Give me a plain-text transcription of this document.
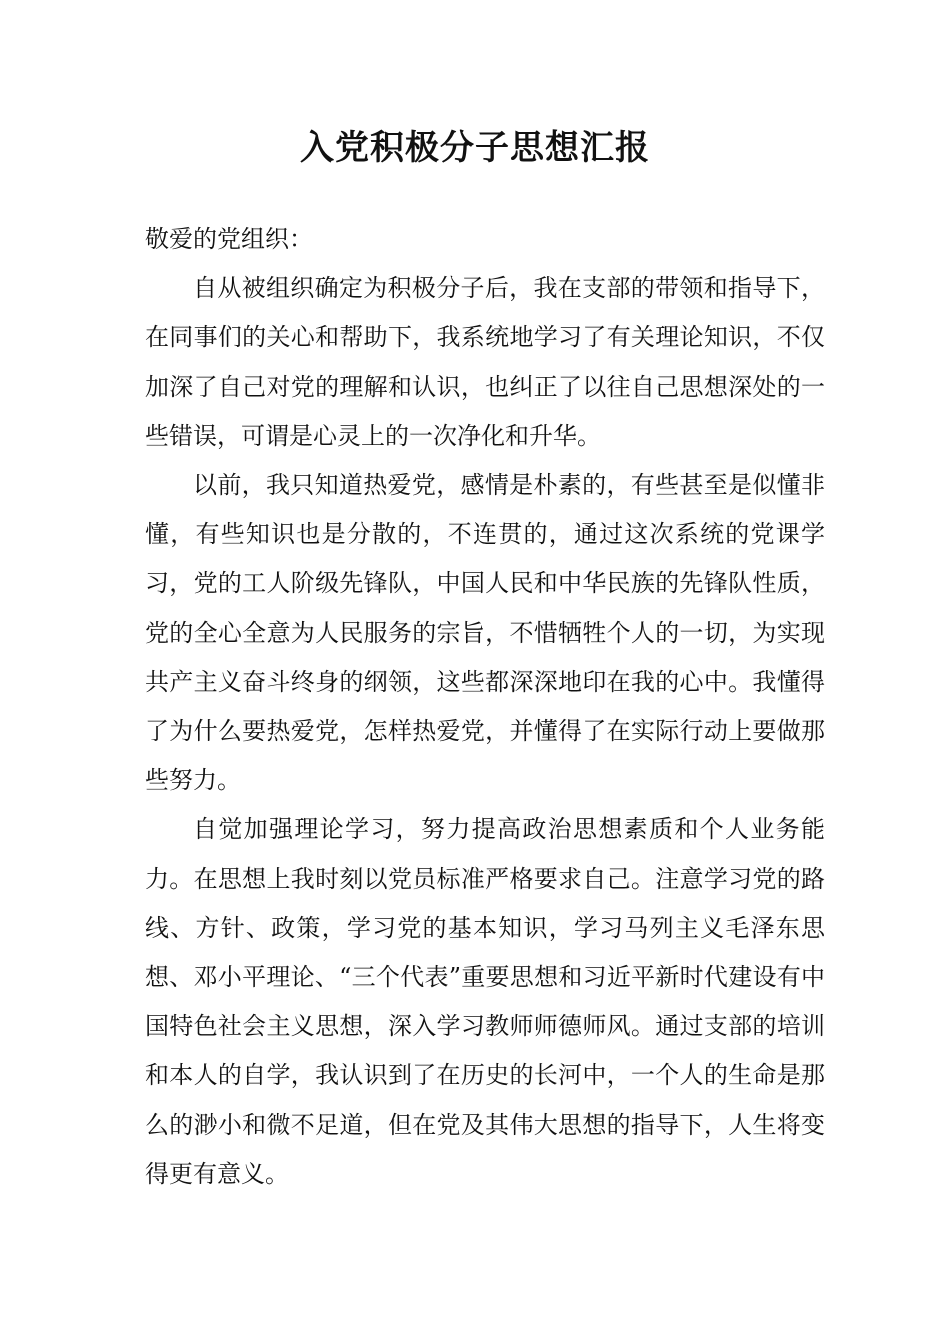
入党积极分子思想汇报

敬爱的党组织：

自从被组织确定为积极分子后，我在支部的带领和指导下，在同事们的关心和帮助下，我系统地学习了有关理论知识，不仅加深了自己对党的理解和认识，也纠正了以往自己思想深处的一些错误，可谓是心灵上的一次净化和升华。

以前，我只知道热爱党，感情是朴素的，有些甚至是似懂非懂，有些知识也是分散的，不连贯的，通过这次系统的党课学习，党的工人阶级先锋队，中国人民和中华民族的先锋队性质，党的全心全意为人民服务的宗旨，不惜牺牲个人的一切，为实现共产主义奋斗终身的纲领，这些都深深地印在我的心中。我懂得了为什么要热爱党，怎样热爱党，并懂得了在实际行动上要做那些努力。

自觉加强理论学习，努力提高政治思想素质和个人业务能力。在思想上我时刻以党员标准严格要求自己。注意学习党的路线、方针、政策，学习党的基本知识，学习马列主义毛泽东思想、邓小平理论、“三个代表”重要思想和习近平新时代建设有中国特色社会主义思想，深入学习教师师德师风。通过支部的培训和本人的自学，我认识到了在历史的长河中，一个人的生命是那么的渺小和微不足道，但在党及其伟大思想的指导下，人生将变得更有意义。
